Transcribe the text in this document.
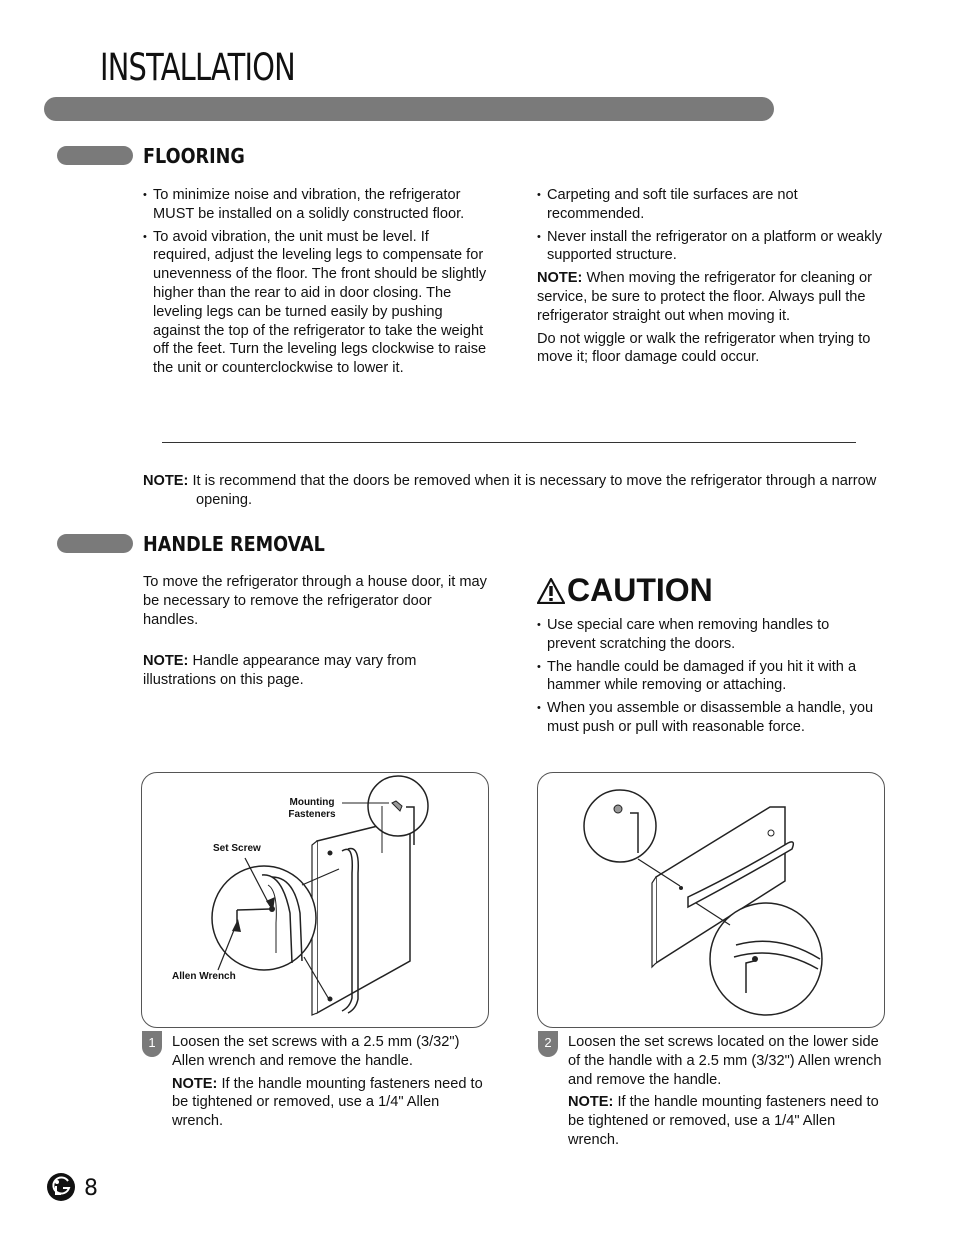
INSTALLATION
FLOORING
• To minimize noise and vibration, the refrigerator MUST be installed on a solidly constructed floor.
• To avoid vibration, the unit must be level. If required, adjust the leveling legs to compensate for unevenness of the floor. The front should be slightly higher than the rear to aid in door closing. The leveling legs can be turned easily by pushing against the top of the refrigerator to take the weight off the feet. Turn the leveling legs clockwise to raise the unit or counterclockwise to lower it.
• Carpeting and soft tile surfaces are not recommended.
• Never install the refrigerator on a platform or weakly supported structure.

NOTE: When moving the refrigerator for cleaning or service, be sure to protect the floor. Always pull the refrigerator straight out when moving it.

Do not wiggle or walk the refrigerator when trying to move it; floor damage could occur.

NOTE: It is recommend that the doors be removed when it is necessary to move the refrigerator through a narrow opening.
HANDLE REMOVAL

To move the refrigerator through a house door, it may be necessary to remove the refrigerator door handles.

NOTE: Handle appearance may vary from illustrations on this page.

CAUTION
• Use special care when removing handles to prevent scratching the doors.
• The handle could be damaged if you hit it with a hammer while removing or attaching.
• When you assemble or disassemble a handle, you must push or pull with reasonable force.
Mounting Fasteners
Set Screw
Allen Wrench
1	Loosen the set screws with a 2.5 mm (3/32") Allen wrench and remove the handle.

NOTE: If the handle mounting fasteners need to be tightened or removed, use a 1/4" Allen wrench.

2	Loosen the set screws located on the lower side of the handle with a 2.5 mm (3/32") Allen wrench and remove the handle.

NOTE: If the handle mounting fasteners need to be tightened or removed, use a 1/4" Allen wrench.

8
